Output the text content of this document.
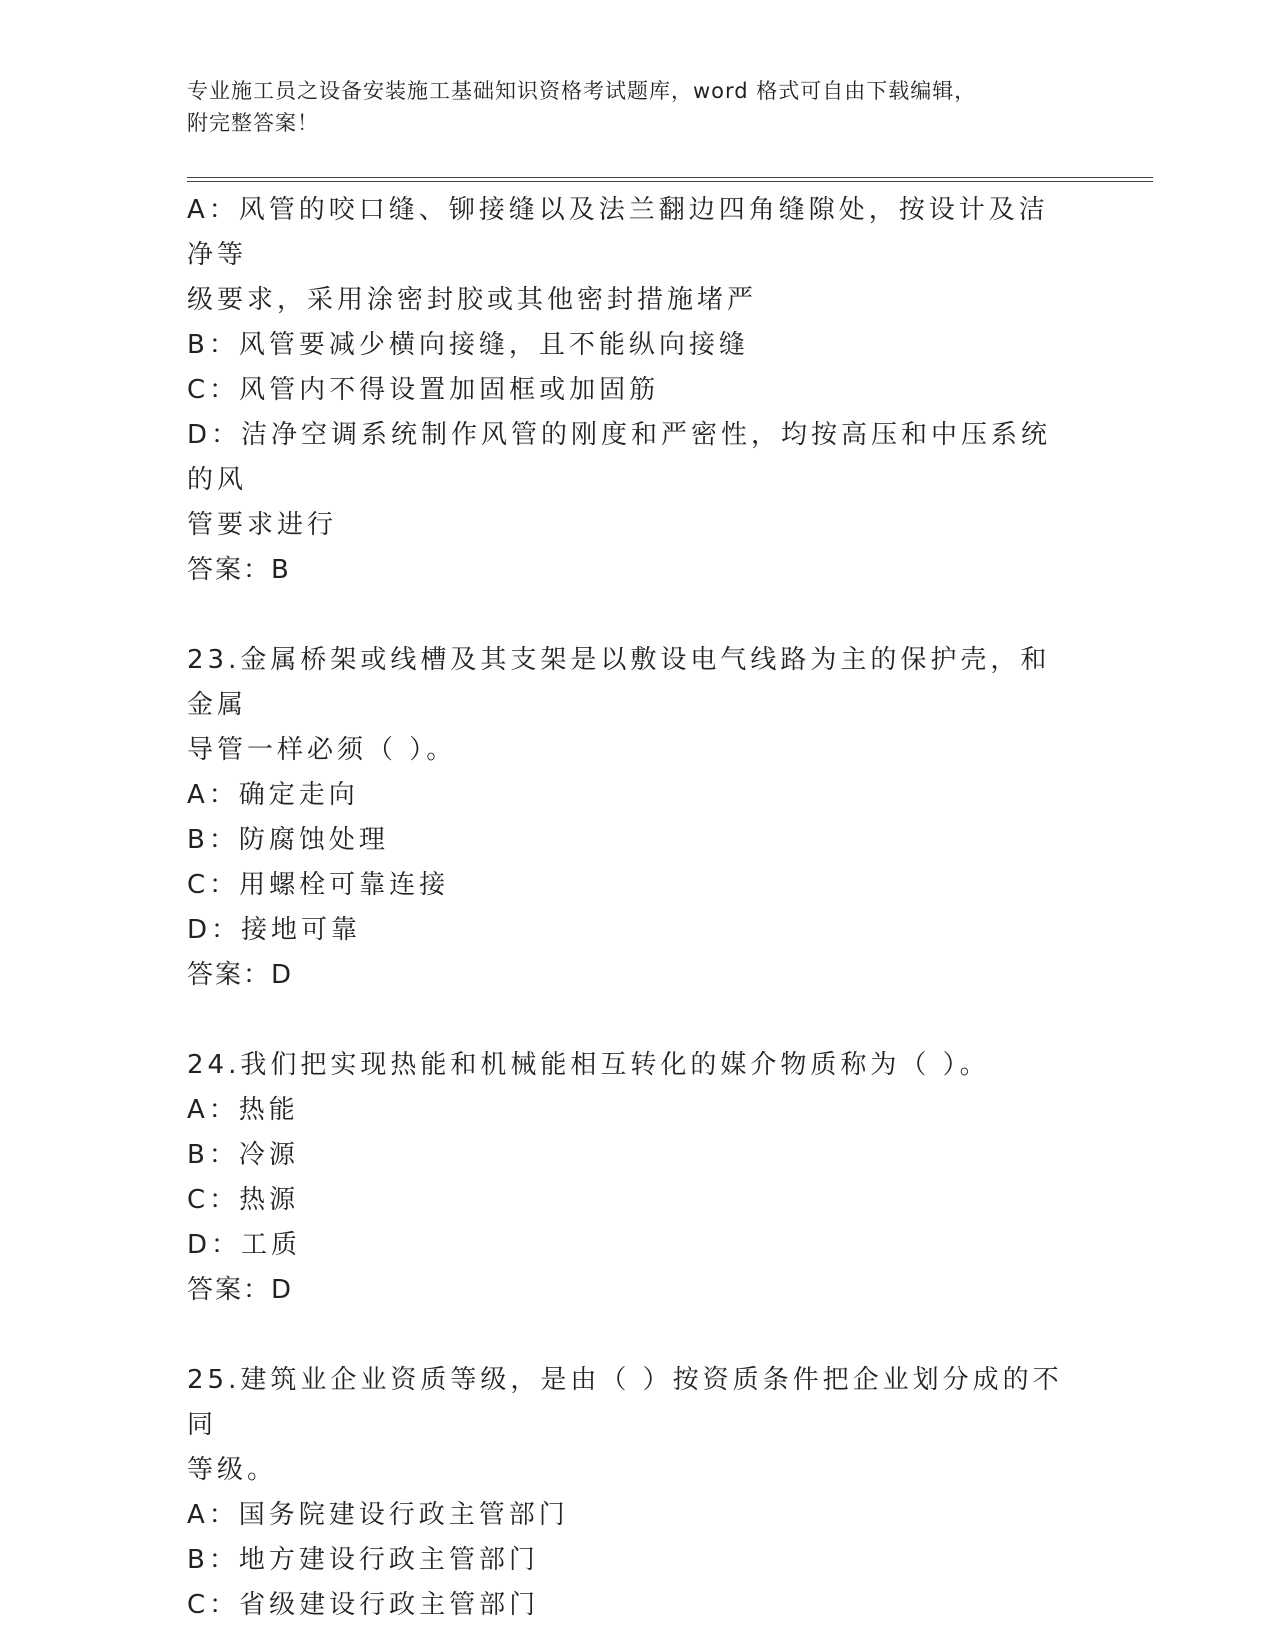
专业施工员之设备安装施工基础知识资格考试题库，word 格式可自由下载编辑，
附完整答案！
A：风管的咬口缝、铆接缝以及法兰翻边四角缝隙处，按设计及洁净等
级要求，采用涂密封胶或其他密封措施堵严
B：风管要减少横向接缝，且不能纵向接缝
C：风管内不得设置加固框或加固筋
D：洁净空调系统制作风管的刚度和严密性，均按高压和中压系统的风
管要求进行
答案：B
23.金属桥架或线槽及其支架是以敷设电气线路为主的保护壳，和金属
导管一样必须（ ）。
A：确定走向
B：防腐蚀处理
C：用螺栓可靠连接
D：接地可靠
答案：D
24.我们把实现热能和机械能相互转化的媒介物质称为（ ）。
A：热能
B：冷源
C：热源
D：工质
答案：D
25.建筑业企业资质等级，是由（ ）按资质条件把企业划分成的不同
等级。
A：国务院建设行政主管部门
B：地方建设行政主管部门
C：省级建设行政主管部门
